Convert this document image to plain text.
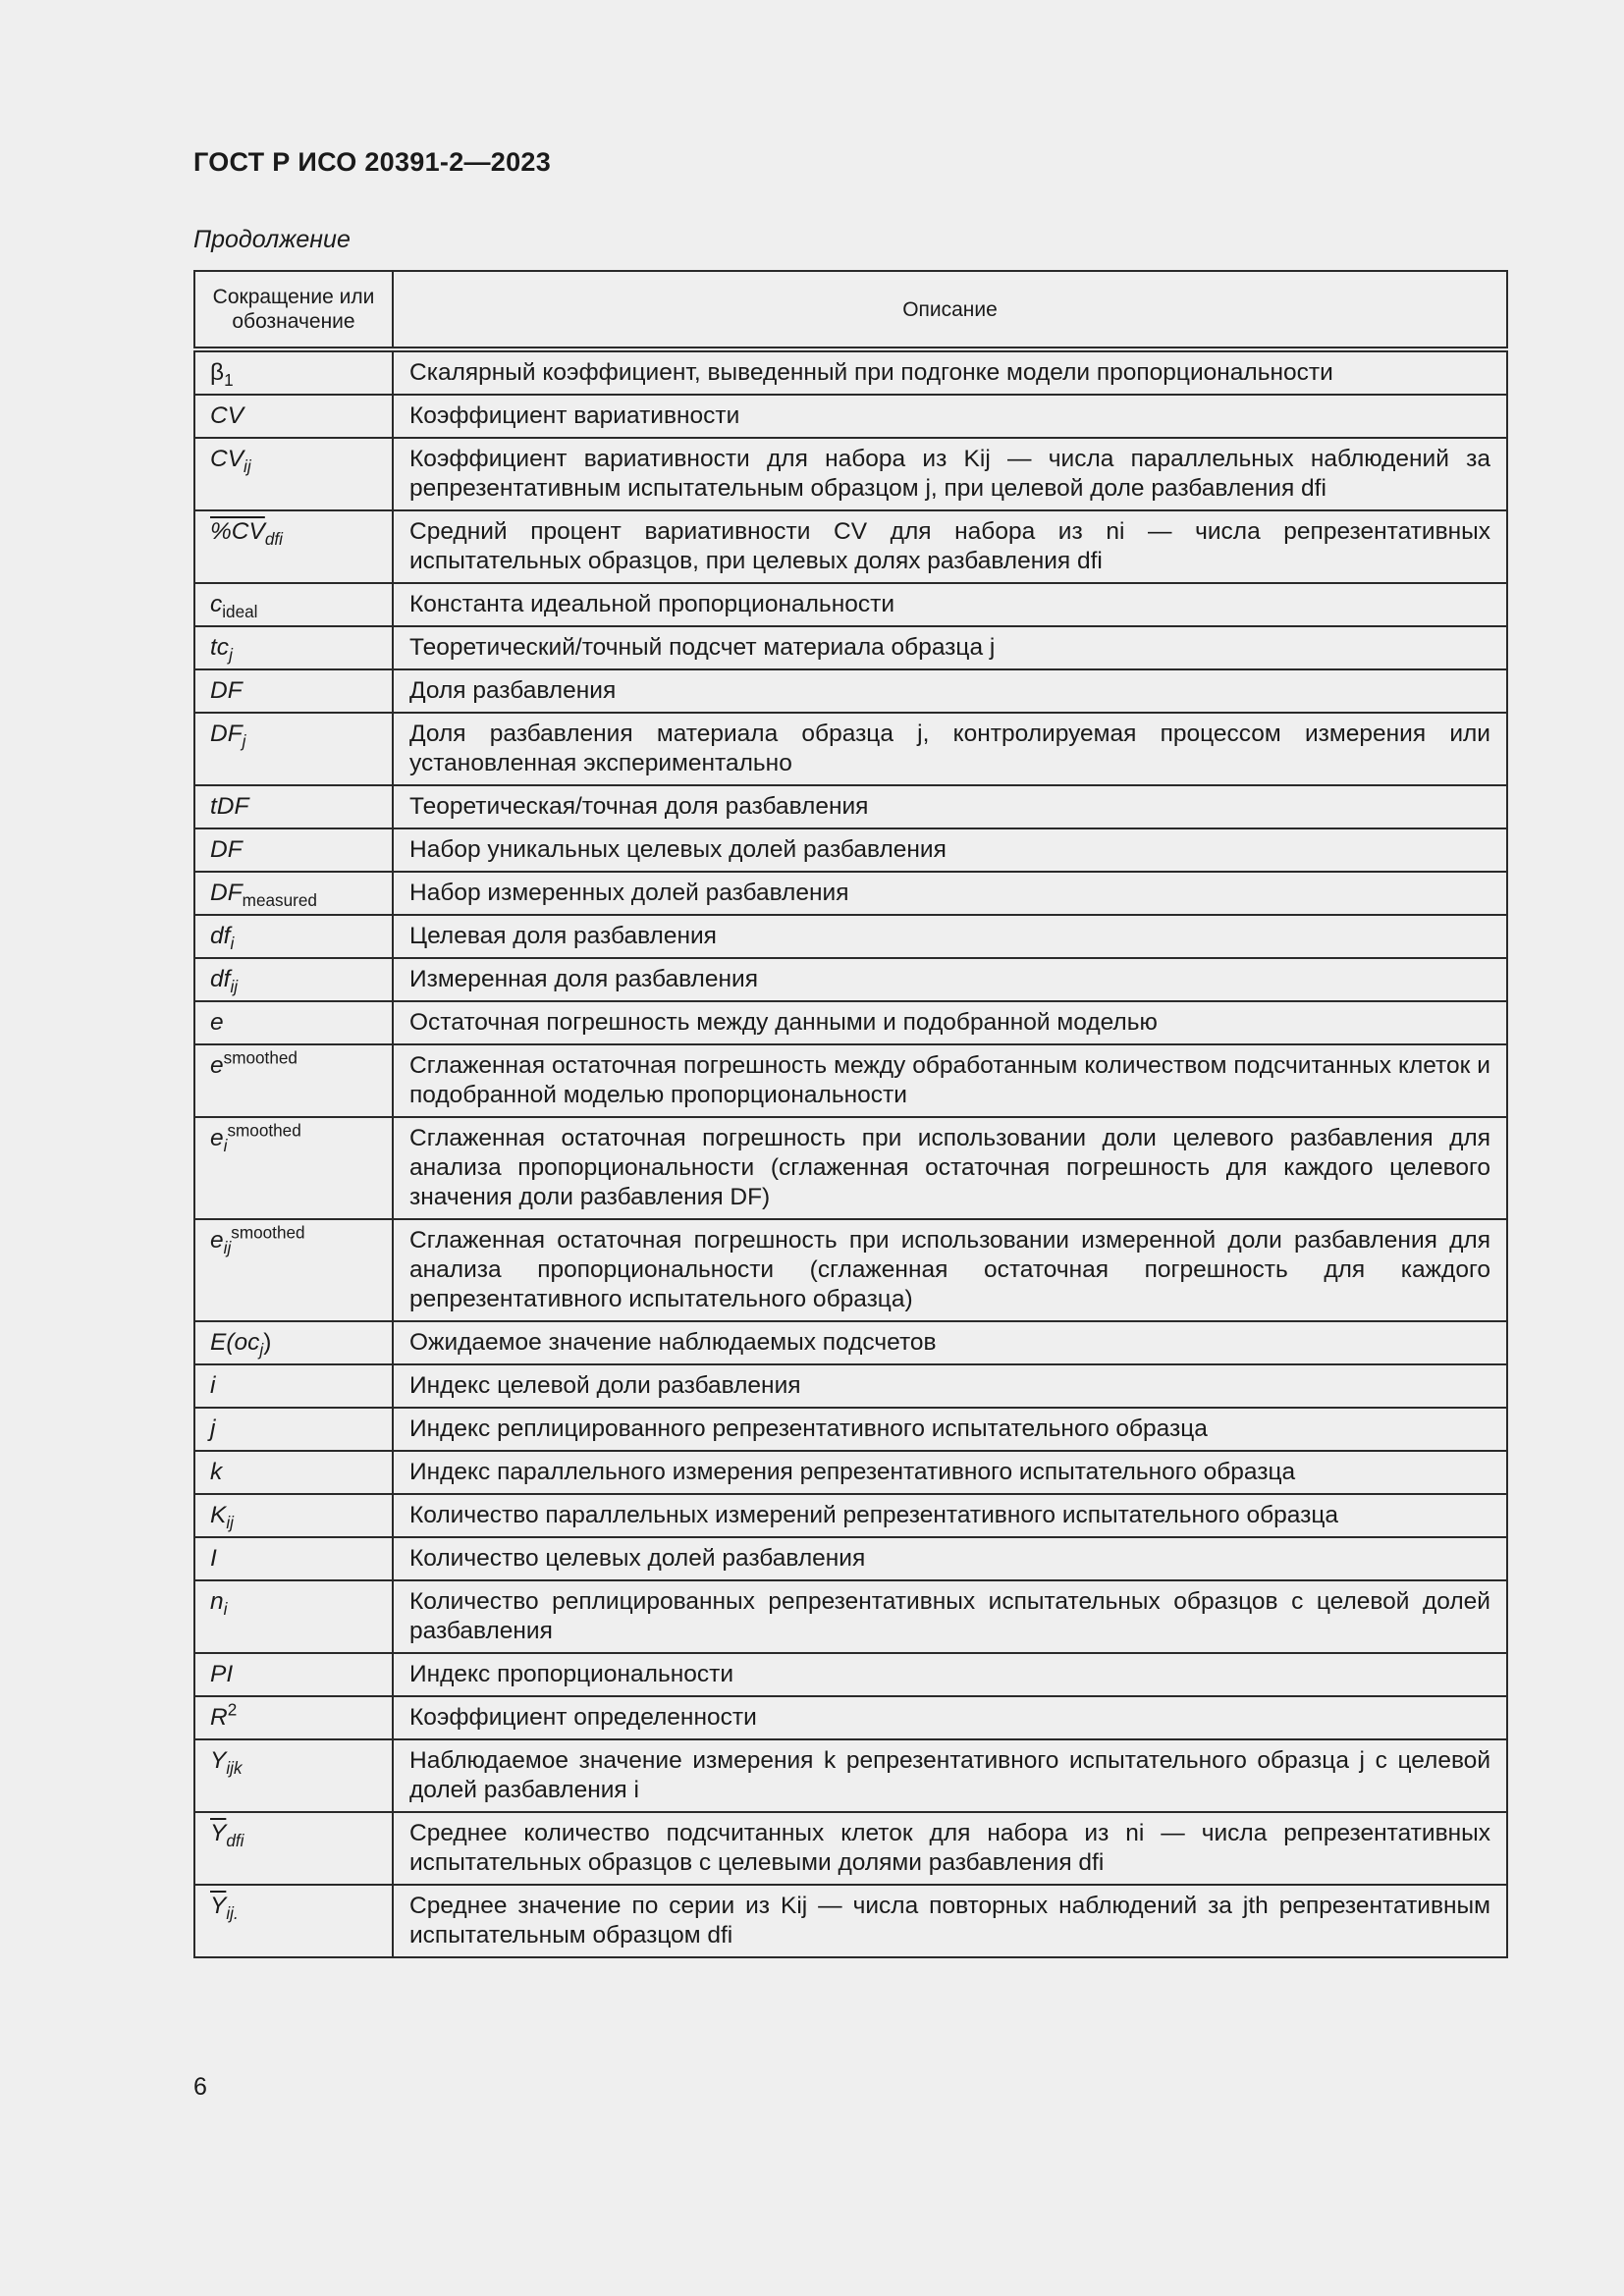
ГОСТ Р ИСО 20391-2—2023
Продолжение
Сокращение или обозначение	Описание
$\beta_1$	Скалярный коэффициент, выведенный при подгонке модели пропорциональности
CV	Коэффициент вариативности
$CV_{ij}$	Коэффициент вариативности для набора из Kij — числа параллельных наблюдений за репрезентативным испытательным образцом j, при целевой доле разбавления dfi
$\%CV_{dfi}$	Средний процент вариативности CV для набора из ni — числа репрезентативных испытательных образцов, при целевых долях разбавления dfi
$c_{ideal}$	Константа идеальной пропорциональности
$tc_j$	Теоретический/точный подсчет материала образца j
DF	Доля разбавления
$DF_j$	Доля разбавления материала образца j, контролируемая процессом измерения или установленная экспериментально
tDF	Теоретическая/точная доля разбавления
DF	Набор уникальных целевых долей разбавления
$DF_{measured}$	Набор измеренных долей разбавления
$df_i$	Целевая доля разбавления
$df_{ij}$	Измеренная доля разбавления
e	Остаточная погрешность между данными и подобранной моделью
$e^{smoothed}$	Сглаженная остаточная погрешность между обработанным количеством подсчитанных клеток и подобранной моделью пропорциональности
$e_i^{smoothed}$	Сглаженная остаточная погрешность при использовании доли целевого разбавления для анализа пропорциональности (сглаженная остаточная погрешность для каждого целевого значения доли разбавления DF)
$e_{ij}^{smoothed}$	Сглаженная остаточная погрешность при использовании измеренной доли разбавления для анализа пропорциональности (сглаженная остаточная погрешность для каждого репрезентативного испытательного образца)
$E(oc_j)$	Ожидаемое значение наблюдаемых подсчетов
i	Индекс целевой доли разбавления
j	Индекс реплицированного репрезентативного испытательного образца
k	Индекс параллельного измерения репрезентативного испытательного образца
$K_{ij}$	Количество параллельных измерений репрезентативного испытательного образца
I	Количество целевых долей разбавления
$n_i$	Количество реплицированных репрезентативных испытательных образцов с целевой долей разбавления
PI	Индекс пропорциональности
$R^2$	Коэффициент определенности
$Y_{ijk}$	Наблюдаемое значение измерения k репрезентативного испытательного образца j с целевой долей разбавления i
$\overline{Y}_{dfi}$	Среднее количество подсчитанных клеток для набора из ni — числа репрезентативных испытательных образцов с целевыми долями разбавления dfi
$\overline{Y}_{ij.}$	Среднее значение по серии из Kij — числа повторных наблюдений за jth репрезентативным испытательным образцом dfi
6
